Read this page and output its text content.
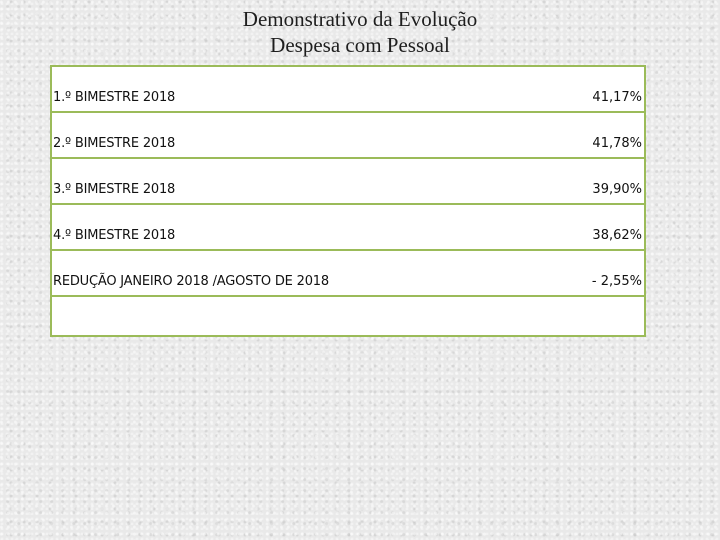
Demonstrativo da Evolução
Despesa com Pessoal
1.º BIMESTRE 2018	41,17%
2.º BIMESTRE 2018	41,78%
3.º BIMESTRE 2018	39,90%
4.º BIMESTRE 2018	38,62%
REDUÇÃO JANEIRO 2018 /AGOSTO DE 2018	- 2,55%
